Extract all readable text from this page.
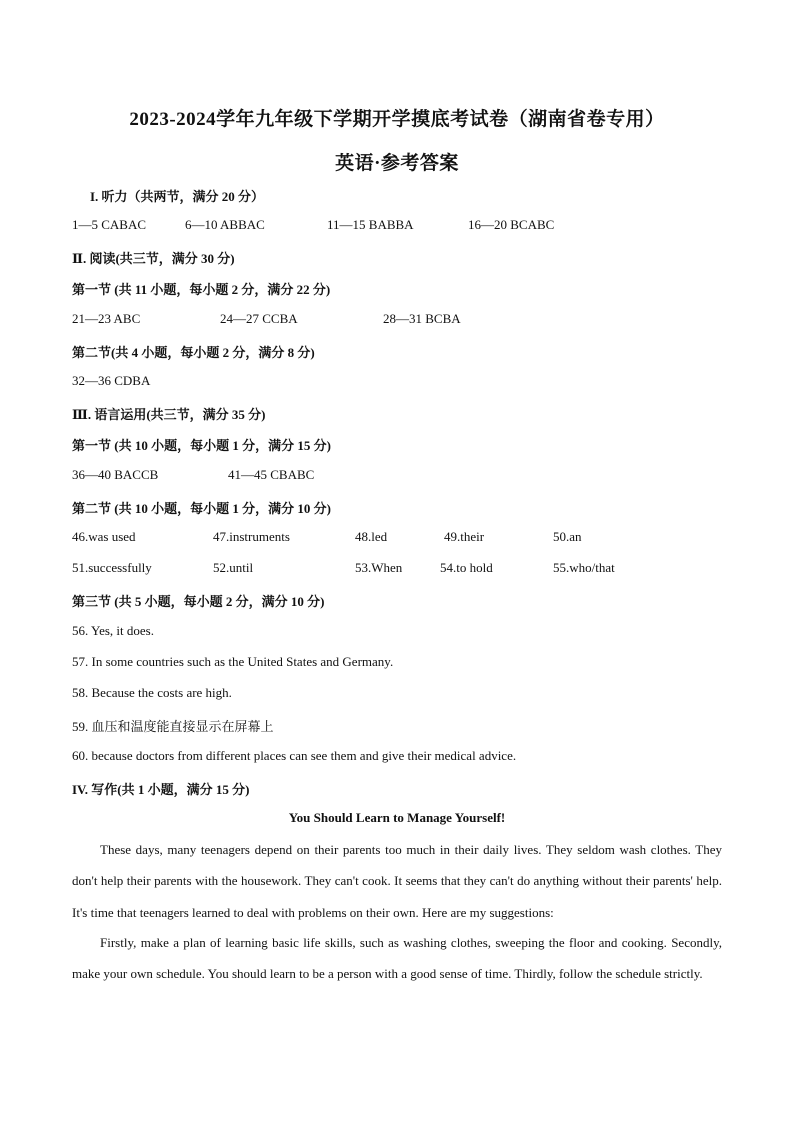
2023-2024学年九年级下学期开学摸底考试卷（湖南省卷专用）
英语·参考答案
I. 听力（共两节，满分 20 分）
1—5 CABAC	6—10 ABBAC	11—15 BABBA	16—20 BCABC
Ⅱ. 阅读(共三节，满分 30 分)
第一节 (共 11 小题，每小题 2 分，满分 22 分)
21—23 ABC	24—27 CCBA	28—31 BCBA
第二节(共 4 小题，每小题 2 分，满分 8 分)
32—36 CDBA
Ⅲ. 语言运用(共三节，满分 35 分)
第一节 (共 10 小题，每小题 1 分，满分 15 分)
36—40 BACCB	41—45 CBABC
第二节 (共 10 小题，每小题 1 分，满分 10 分)
46.was used	47.instruments	48.led	49.their	50.an
51.successfully	52.until	53.When	54.to hold	55.who/that
第三节 (共 5 小题，每小题 2 分，满分 10 分)
56. Yes, it does.
57. In some countries such as the United States and Germany.
58. Because the costs are high.
59. 血压和温度能直接显示在屏幕上
60. because doctors from different places can see them and give their medical advice.
IV. 写作(共 1 小题，满分 15 分)
You Should Learn to Manage Yourself!

These days, many teenagers depend on their parents too much in their daily lives. They seldom wash clothes. They don't help their parents with the housework. They can't cook. It seems that they can't do anything without their parents' help. It's time that teenagers learned to deal with problems on their own. Here are my suggestions:

Firstly, make a plan of learning basic life skills, such as washing clothes, sweeping the floor and cooking. Secondly, make your own schedule. You should learn to be a person with a good sense of time. Thirdly, follow the schedule strictly.
